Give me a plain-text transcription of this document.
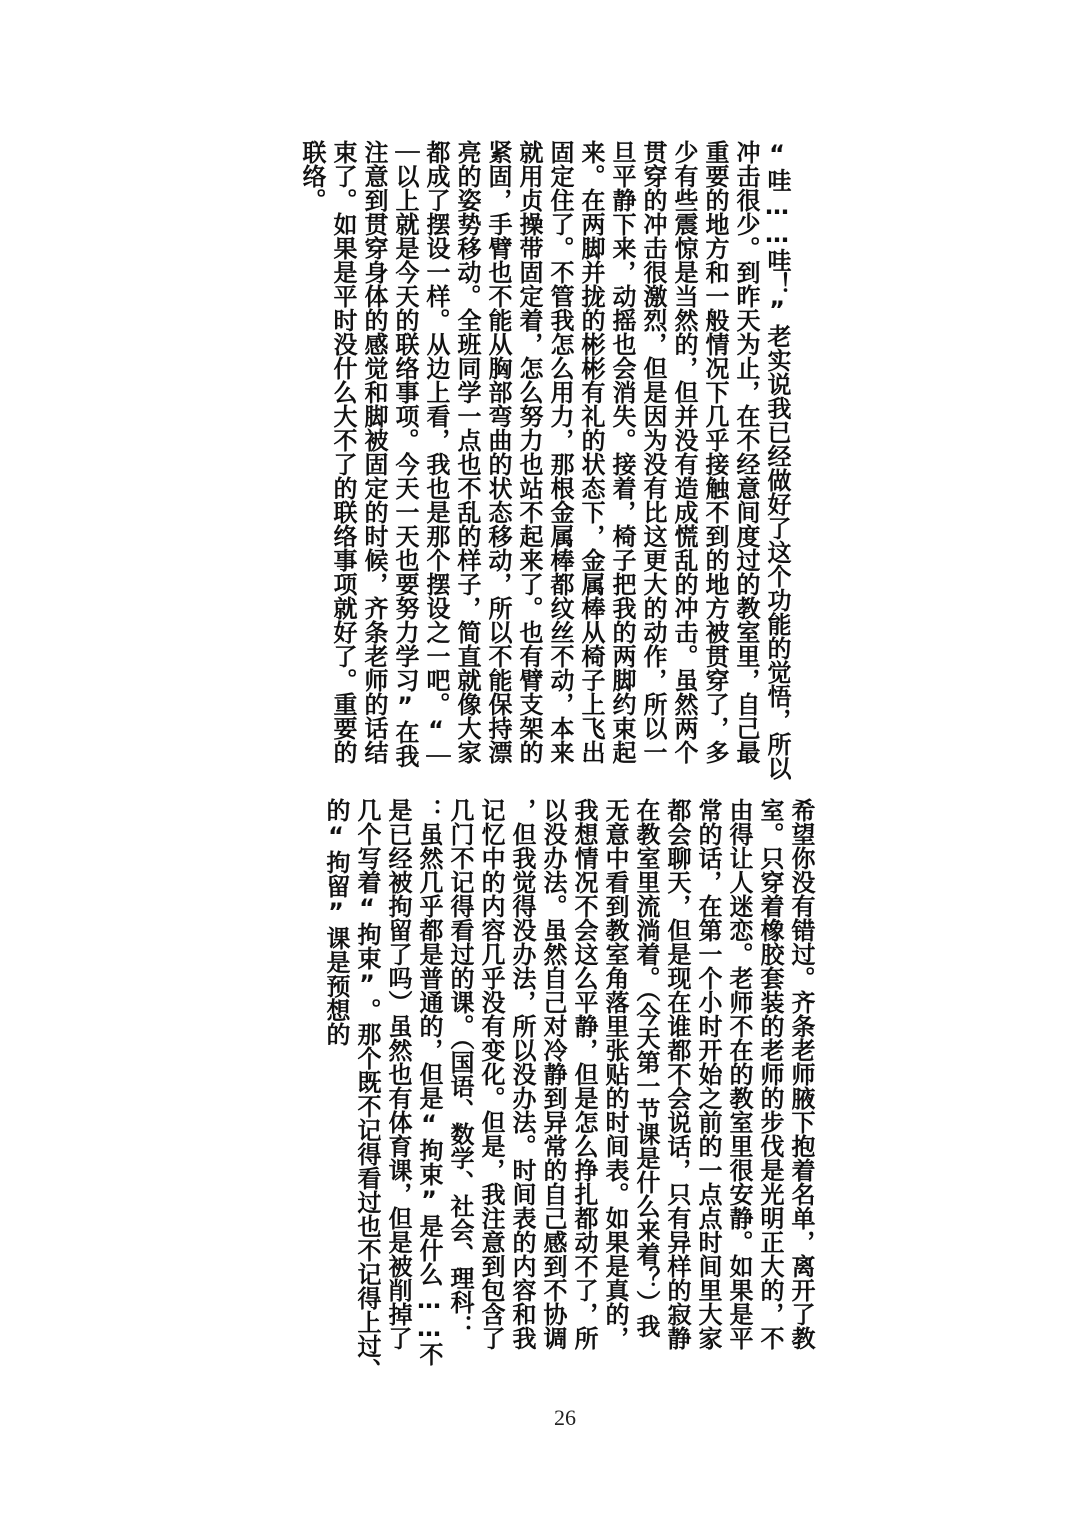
“哇……哇！”老实说我已经做好了这个功能的觉悟，所以
冲击很少。到昨天为止，在不经意间度过的教室里，自己最
重要的地方和一般情况下几乎接触不到的地方被贯穿了，多
少有些震惊是当然的，但并没有造成慌乱的冲击。虽然两个
贯穿的冲击很激烈，但是因为没有比这更大的动作，所以一
旦平静下来，动摇也会消失。接着，椅子把我的两脚约束起
来。在两脚并拢的彬彬有礼的状态下，金属棒从椅子上飞出
固定住了。不管我怎么用力，那根金属棒都纹丝不动，本来
就用贞操带固定着，怎么努力也站不起来了。也有臂支架的
紧固，手臂也不能从胸部弯曲的状态移动，所以不能保持漂
亮的姿势移动。全班同学一点也不乱的样子，简直就像大家
都成了摆设一样。从边上看，我也是那个摆设之一吧。“｜
｜以上就是今天的联络事项。今天一天也要努力学习”在我
注意到贯穿身体的感觉和脚被固定的时候，齐条老师的话结
束了。如果是平时没什么大不了的联络事项就好了。重要的
联络。
希望你没有错过。齐条老师腋下抱着名单，离开了教
室。只穿着橡胶套装的老师的步伐是光明正大的，不
由得让人迷恋。老师不在的教室里很安静。如果是平
常的话，在第一个小时开始之前的一点点时间里大家
都会聊天，但是现在谁都不会说话，只有异样的寂静
在教室里流淌着。（今天第一节课是什么来着？）我
无意中看到教室角落里张贴的时间表。如果是真的，
我想情况不会这么平静，但是怎么挣扎都动不了，所
以没办法。虽然自己对冷静到异常的自己感到不协调
，但我觉得没办法，所以没办法。时间表的内容和我
记忆中的内容几乎没有变化。但是，我注意到包含了
几门不记得看过的课。（国语、数学、社会、理科：
：虽然几乎都是普通的，但是“拘束”是什么……不
是已经被拘留了吗）虽然也有体育课，但是被削掉了
几个写着“拘束”。那个既不记得看过也不记得上过、
的“拘留”课是预想的
26
